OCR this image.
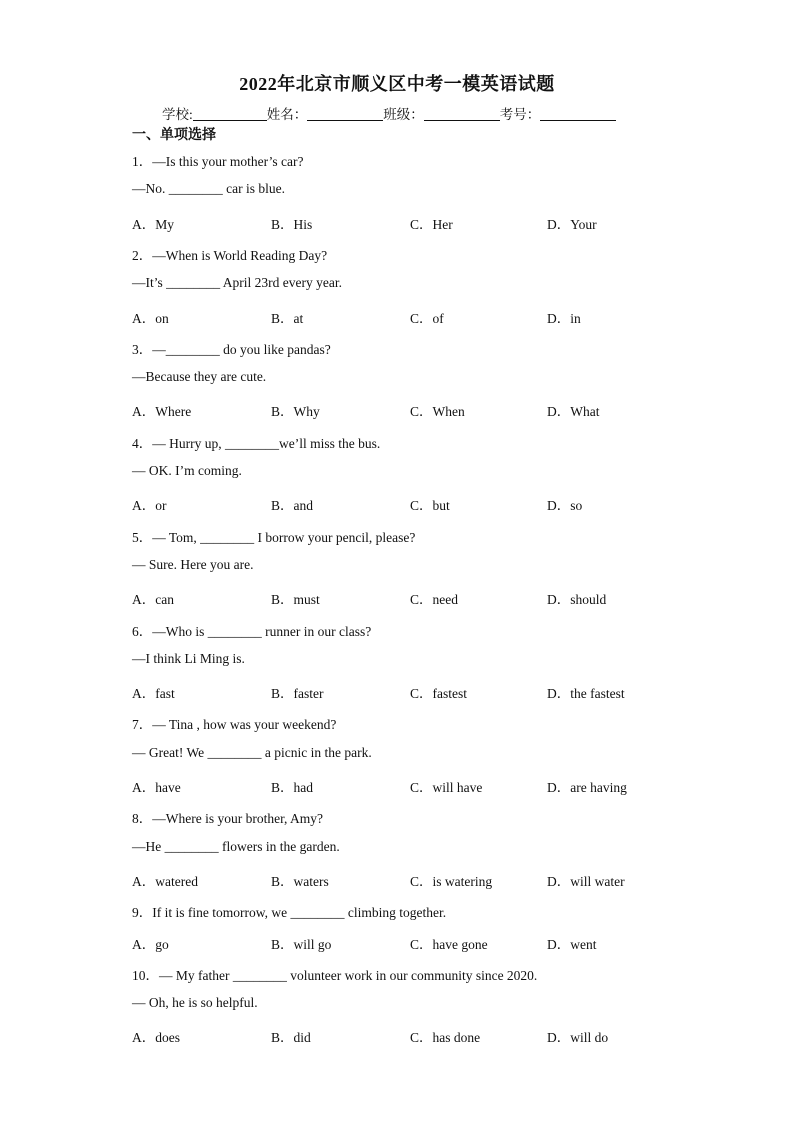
2022年北京市顺义区中考一模英语试题
学校:	姓名：	班级：	考号：
一、单项选择
1．—Is this your mother’s car?
—No. ________ car is blue.
A．My	B．His	C．Her	D．Your
2．—When is World Reading Day?
—It’s ________ April 23rd every year.
A．on	B．at	C．of	D．in
3．—________ do you like pandas?
—Because they are cute.
A．Where	B．Why	C．When	D．What
4．— Hurry up, ________we’ll miss the bus.
— OK. I’m coming.
A．or	B．and	C．but	D．so
5．— Tom, ________ I borrow your pencil, please?
— Sure. Here you are.
A．can	B．must	C．need	D．should
6．—Who is ________ runner in our class?
—I think Li Ming is.
A．fast	B．faster	C．fastest	D．the fastest
7．— Tina , how was your weekend?
— Great! We ________ a picnic in the park.
A．have	B．had	C．will have	D．are having
8．—Where is your brother, Amy?
—He ________ flowers in the garden.
A．watered	B．waters	C．is watering	D．will water
9．If it is fine tomorrow, we ________ climbing together.
A．go	B．will go	C．have gone	D．went
10．— My father ________ volunteer work in our community since 2020.
— Oh, he is so helpful.
A．does	B．did	C．has done	D．will do
